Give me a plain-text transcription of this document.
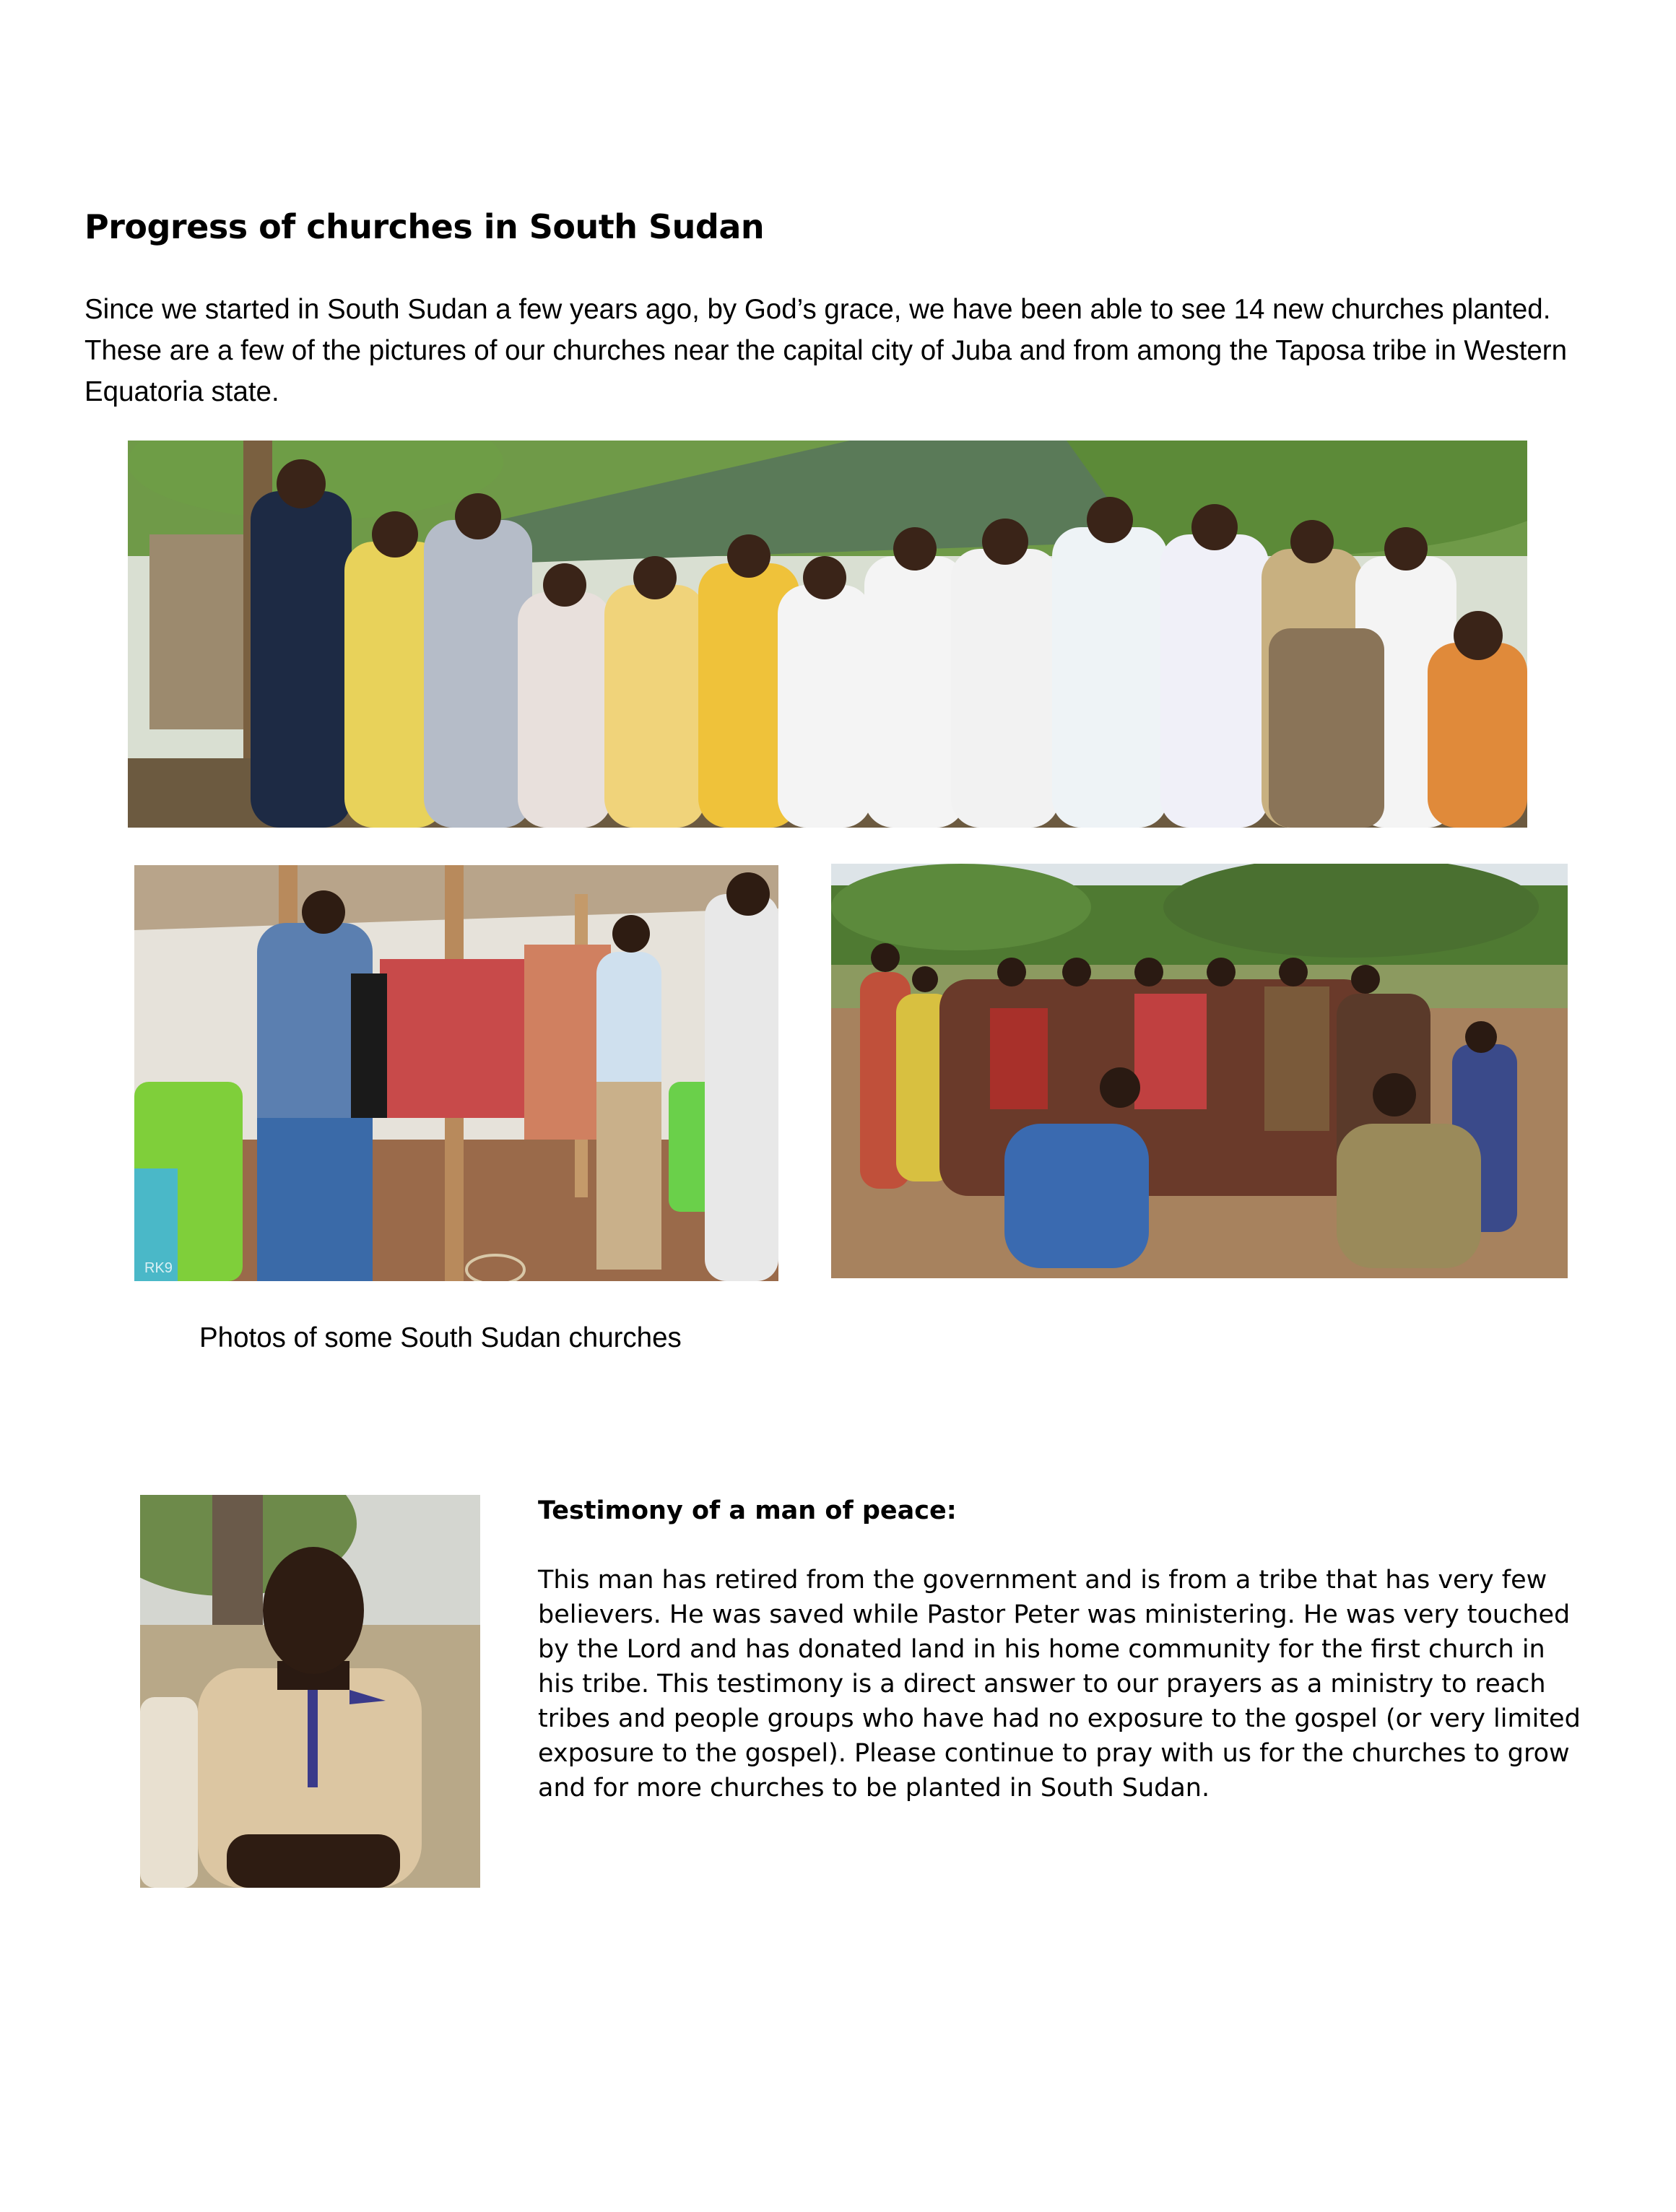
Progress of churches in South Sudan

Since we started in South Sudan a few years ago, by God’s grace, we have been able to see 14 new churches planted. These are a few of the pictures of our churches near the capital city of Juba and from among the Taposa tribe in Western Equatoria state.

RK9

Photos of some South Sudan churches

Testimony of a man of peace:

This man has retired from the government and is from a tribe that has very few believers. He was saved while Pastor Peter was ministering. He was very touched by the Lord and has donated land in his home community for the first church in his tribe. This testimony is a direct answer to our prayers as a ministry to reach tribes and people groups who have had no exposure to the gospel (or very limited exposure to the gospel). Please continue to pray with us for the churches to grow and for more churches to be planted in South Sudan.
